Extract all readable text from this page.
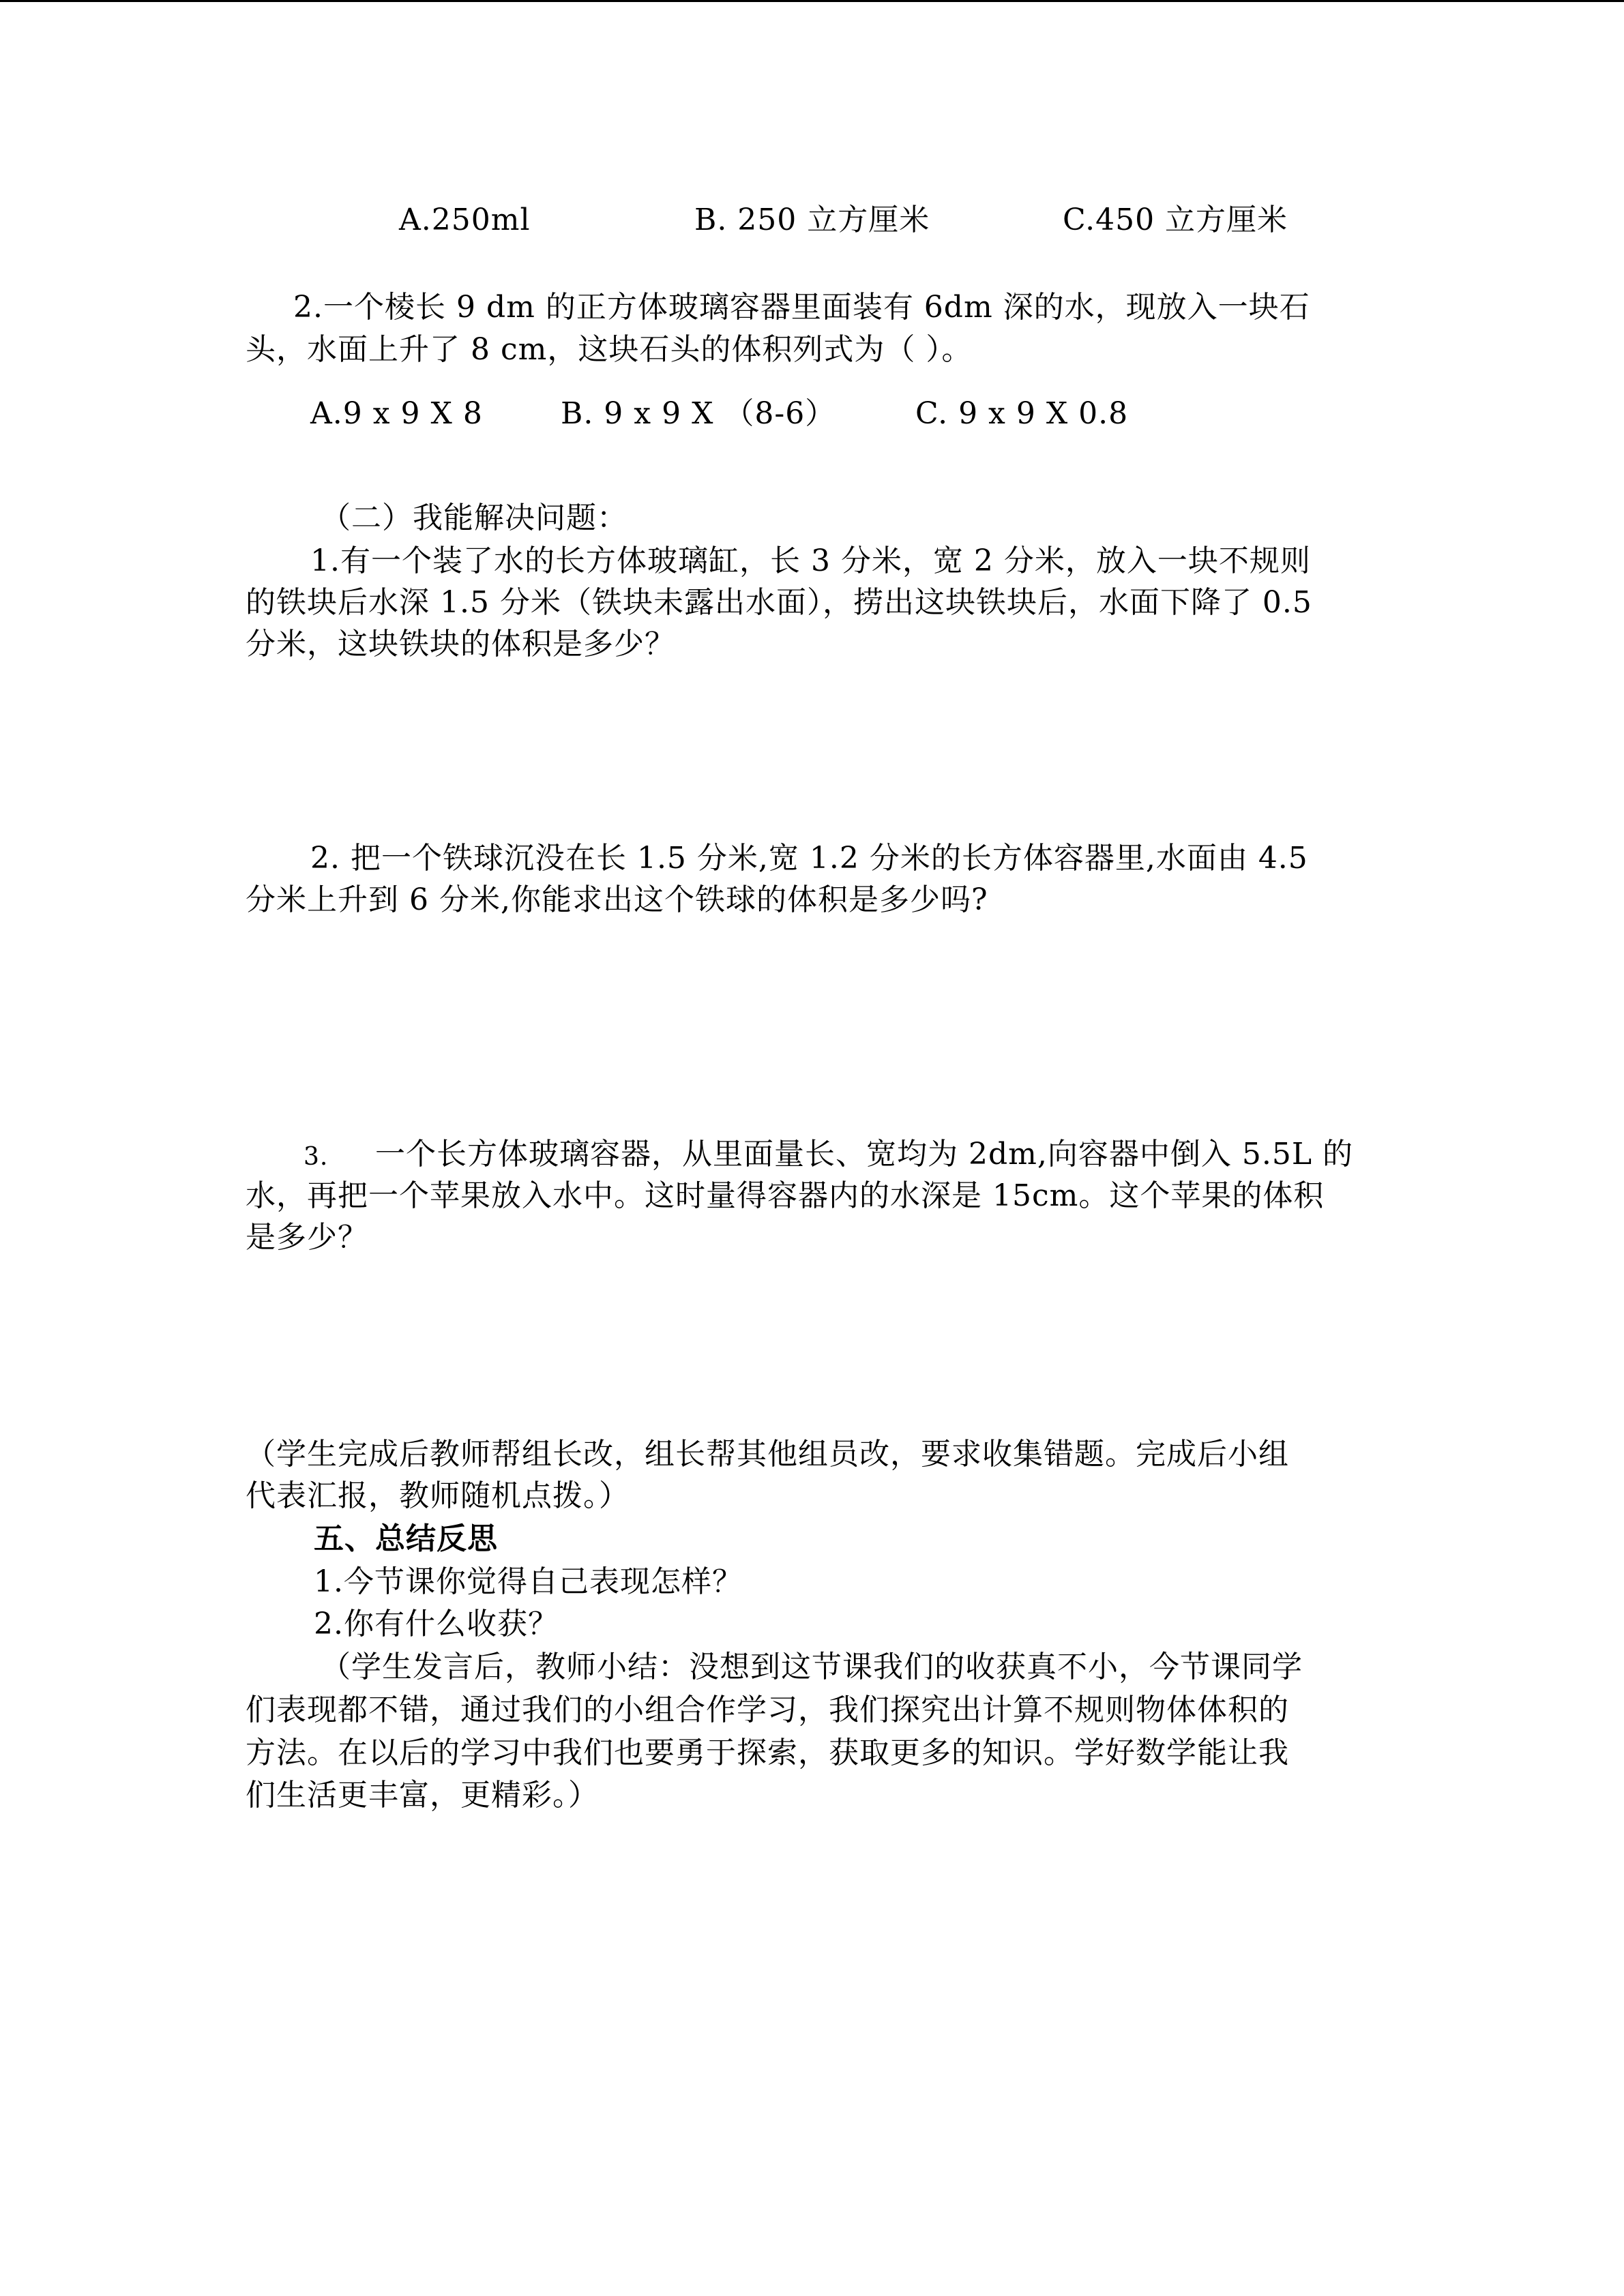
A.250ml	B. 250 立方厘米	C.450 立方厘米
2.一个棱长 9 dm 的正方体玻璃容器里面装有 6dm 深的水，现放入一块石
头，水面上升了 8 cm，这块石头的体积列式为（ ）。
A.9 x 9 X 8	B. 9 x 9 X （8-6）	C. 9 x 9 X 0.8
（二）我能解决问题：
1.有一个装了水的长方体玻璃缸，长 3 分米，宽 2 分米，放入一块不规则
的铁块后水深 1.5 分米（铁块未露出水面），捞出这块铁块后，水面下降了 0.5
分米，这块铁块的体积是多少？
2. 把一个铁球沉没在长 1.5 分米,宽 1.2 分米的长方体容器里,水面由 4.5
分米上升到 6 分米,你能求出这个铁球的体积是多少吗?
3. 一个长方体玻璃容器，从里面量长、宽均为 2dm,向容器中倒入 5.5L 的
水，再把一个苹果放入水中。这时量得容器内的水深是 15cm。这个苹果的体积
是多少？
（学生完成后教师帮组长改，组长帮其他组员改，要求收集错题。完成后小组
代表汇报，教师随机点拨。）
五、总结反思
1.今节课你觉得自己表现怎样？
2.你有什么收获？
（学生发言后，教师小结：没想到这节课我们的收获真不小，今节课同学
们表现都不错，通过我们的小组合作学习，我们探究出计算不规则物体体积的
方法。在以后的学习中我们也要勇于探索，获取更多的知识。学好数学能让我
们生活更丰富，更精彩。）
